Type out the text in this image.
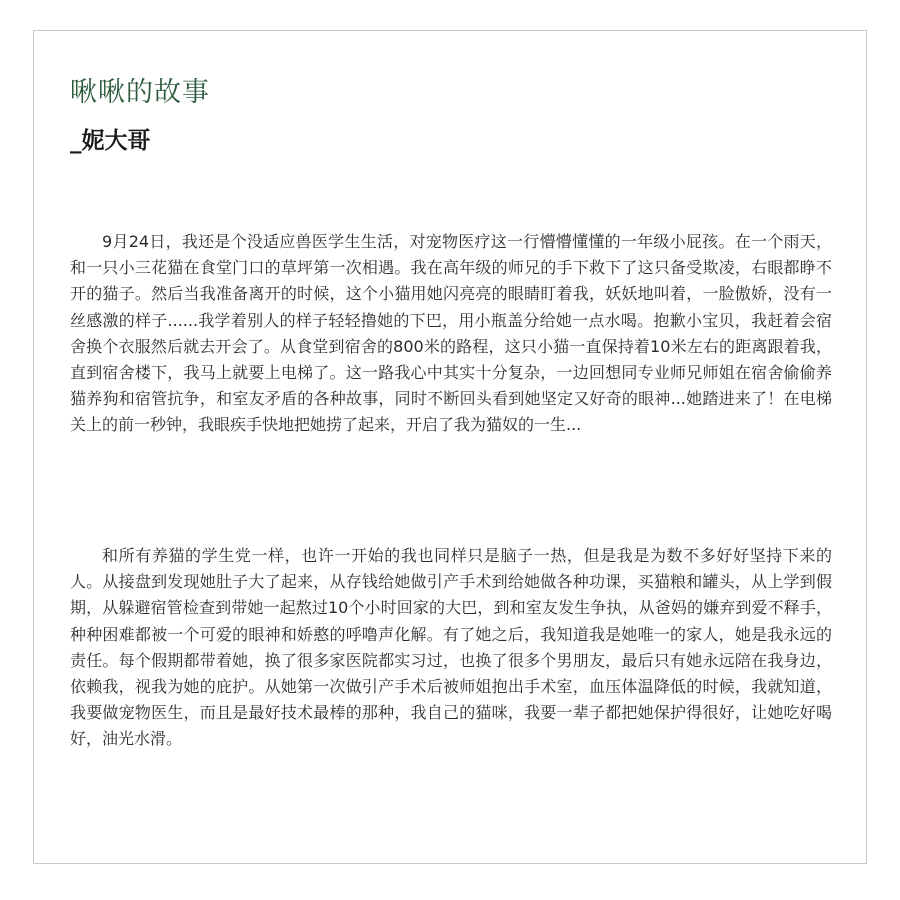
啾啾的故事
_妮大哥

9月24日，我还是个没适应兽医学生生活，对宠物医疗这一行懵懵懂懂的一年级小屁孩。在一个雨天，和一只小三花猫在食堂门口的草坪第一次相遇。我在高年级的师兄的手下救下了这只备受欺凌，右眼都睁不开的猫子。然后当我准备离开的时候，这个小猫用她闪亮亮的眼睛盯着我，妖妖地叫着，一脸傲娇，没有一丝感激的样子......我学着别人的样子轻轻撸她的下巴，用小瓶盖分给她一点水喝。抱歉小宝贝，我赶着会宿舍换个衣服然后就去开会了。从食堂到宿舍的800米的路程，这只小猫一直保持着10米左右的距离跟着我，直到宿舍楼下，我马上就要上电梯了。这一路我心中其实十分复杂，一边回想同专业师兄师姐在宿舍偷偷养猫养狗和宿管抗争，和室友矛盾的各种故事，同时不断回头看到她坚定又好奇的眼神...她踏进来了！在电梯关上的前一秒钟，我眼疾手快地把她捞了起来，开启了我为猫奴的一生...

和所有养猫的学生党一样，也许一开始的我也同样只是脑子一热，但是我是为数不多好好坚持下来的人。从接盘到发现她肚子大了起来，从存钱给她做引产手术到给她做各种功课，买猫粮和罐头，从上学到假期，从躲避宿管检查到带她一起熬过10个小时回家的大巴，到和室友发生争执，从爸妈的嫌弃到爱不释手，种种困难都被一个可爱的眼神和娇憨的呼噜声化解。有了她之后，我知道我是她唯一的家人，她是我永远的责任。每个假期都带着她，换了很多家医院都实习过，也换了很多个男朋友，最后只有她永远陪在我身边，依赖我，视我为她的庇护。从她第一次做引产手术后被师姐抱出手术室，血压体温降低的时候，我就知道，我要做宠物医生，而且是最好技术最棒的那种，我自己的猫咪，我要一辈子都把她保护得很好，让她吃好喝好，油光水滑。
